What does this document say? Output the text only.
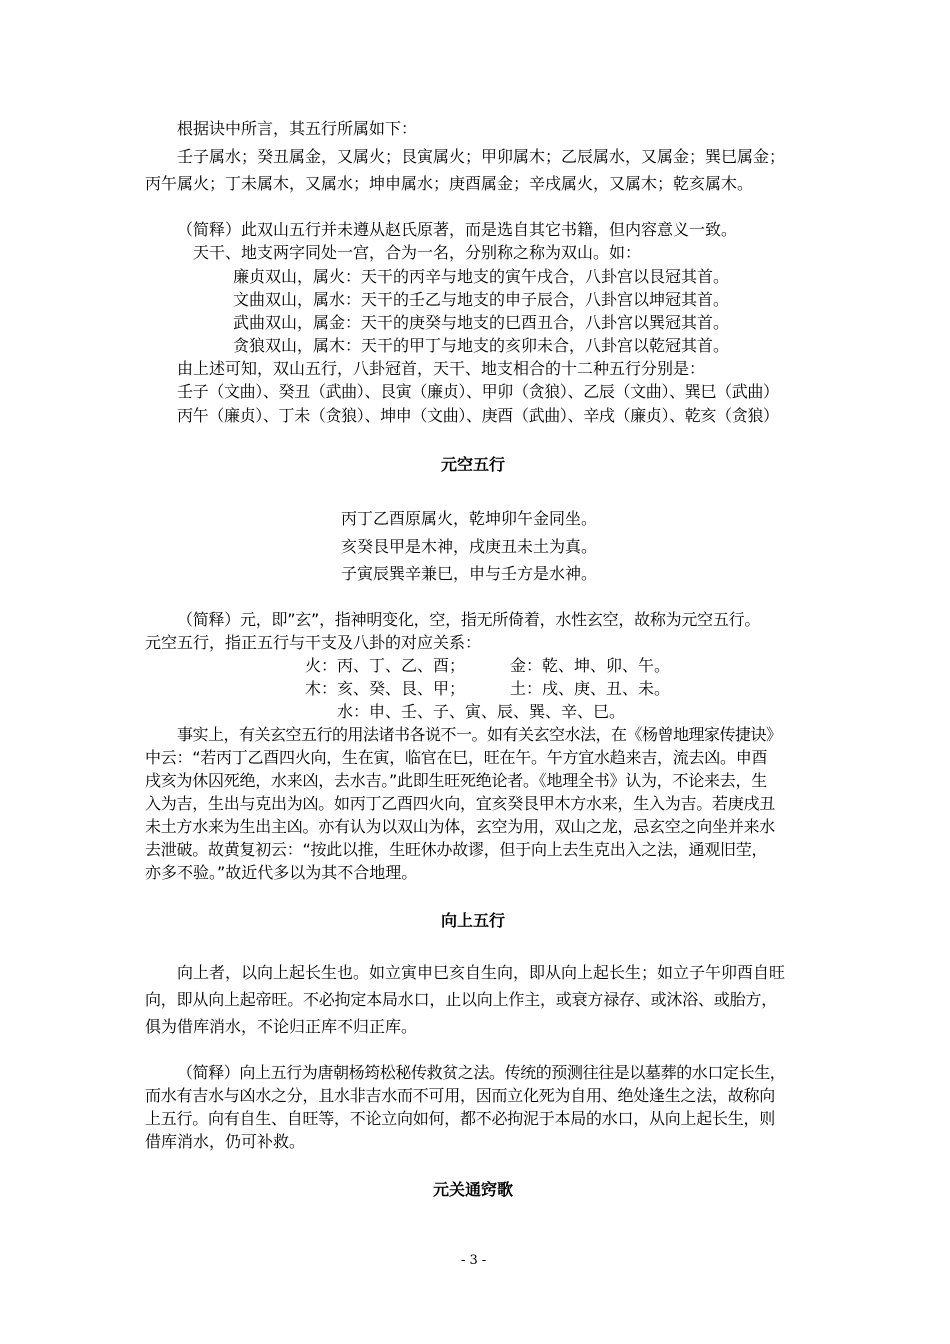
根据诀中所言，其五行所属如下：
壬子属水；癸丑属金，又属火；艮寅属火；甲卯属木；乙辰属水，又属金；巽巳属金；
丙午属火；丁未属木，又属水；坤申属水；庚酉属金；辛戌属火，又属木；乾亥属木。
（简释）此双山五行并未遵从赵氏原著，而是选自其它书籍，但内容意义一致。
天干、地支两字同处一宫，合为一名，分别称之称为双山。如：
廉贞双山，属火：天干的丙辛与地支的寅午戌合，八卦宫以艮冠其首。
文曲双山，属水：天干的壬乙与地支的申子辰合，八卦宫以坤冠其首。
武曲双山，属金：天干的庚癸与地支的巳酉丑合，八卦宫以巽冠其首。
贪狼双山，属木：天干的甲丁与地支的亥卯未合，八卦宫以乾冠其首。
由上述可知，双山五行，八卦冠首，天干、地支相合的十二种五行分别是：
壬子（文曲）、癸丑（武曲）、艮寅（廉贞）、甲卯（贪狼）、乙辰（文曲）、巽巳（武曲）
丙午（廉贞）、丁未（贪狼）、坤申（文曲）、庚酉（武曲）、辛戌（廉贞）、乾亥（贪狼）
元空五行
丙丁乙酉原属火，乾坤卯午金同坐。
亥癸艮甲是木神，戌庚丑未土为真。
子寅辰巽辛兼巳，申与壬方是水神。
（简释）元，即”玄”，指神明变化，空，指无所倚着，水性玄空，故称为元空五行。
元空五行，指正五行与干支及八卦的对应关系：
火：丙、丁、乙、酉；	金：乾、坤、卯、午。
木：亥、癸、艮、甲；	土：戌、庚、丑、未。
水：申、壬、子、寅、辰、巽、辛、巳。
事实上，有关玄空五行的用法诸书各说不一。如有关玄空水法，在《杨曾地理家传捷诀》
中云：“若丙丁乙酉四火向，生在寅，临官在巳，旺在午。午方宜水趋来吉，流去凶。申酉
戌亥为休囚死绝，水来凶，去水吉。”此即生旺死绝论者。《地理全书》认为，不论来去，生
入为吉，生出与克出为凶。如丙丁乙酉四火向，宜亥癸艮甲木方水来，生入为吉。若庚戌丑
未土方水来为生出主凶。亦有认为以双山为体，玄空为用，双山之龙，忌玄空之向坐并来水
去泄破。故黄复初云：“按此以推，生旺休办故谬，但于向上去生克出入之法，通观旧茔，
亦多不验。”故近代多以为其不合地理。
向上五行
向上者，以向上起长生也。如立寅申巳亥自生向，即从向上起长生；如立子午卯酉自旺
向，即从向上起帝旺。不必拘定本局水口，止以向上作主，或衰方禄存、或沐浴、或胎方，
俱为借库消水，不论归正库不归正库。
（简释）向上五行为唐朝杨筠松秘传救贫之法。传统的预测往往是以墓葬的水口定长生，
而水有吉水与凶水之分，且水非吉水而不可用，因而立化死为自用、绝处逢生之法，故称向
上五行。向有自生、自旺等，不论立向如何，都不必拘泥于本局的水口，从向上起长生，则
借库消水，仍可补救。
元关通窍歌
- 3 -
